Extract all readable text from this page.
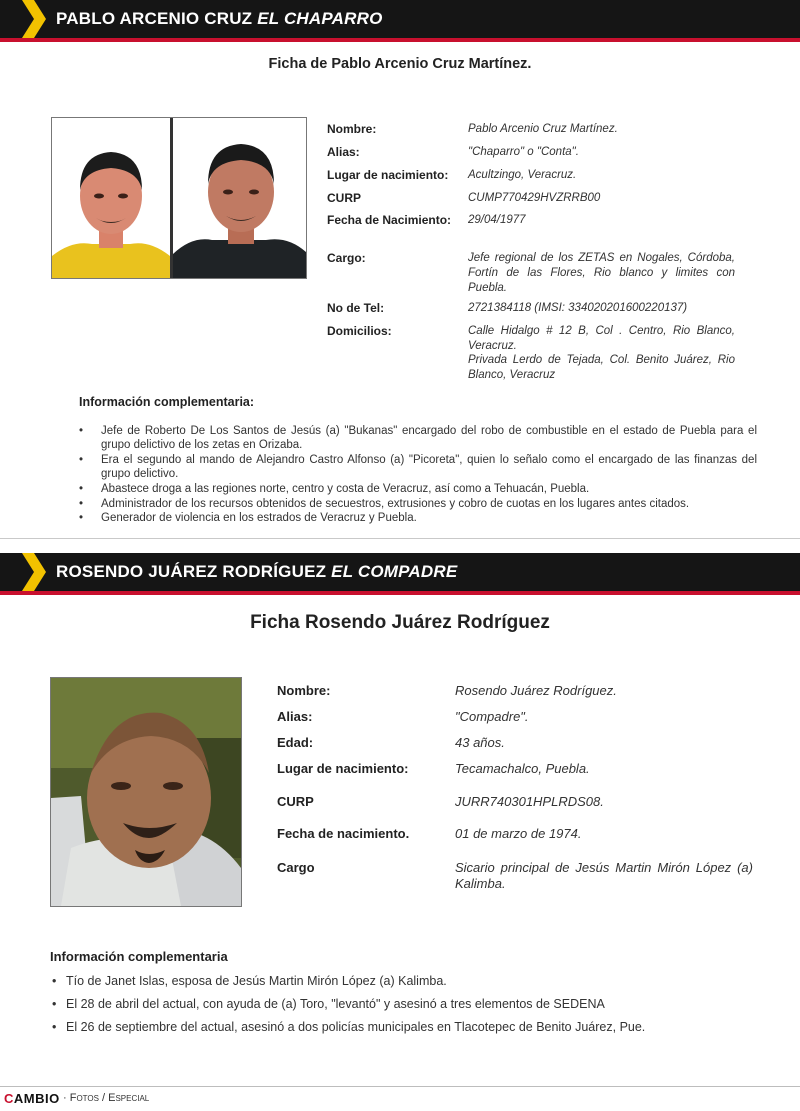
PABLO ARCENIO CRUZ EL CHAPARRO
Ficha de Pablo Arcenio Cruz Martínez.
Nombre:	Pablo Arcenio Cruz Martínez.
Alias:	"Chaparro" o "Conta".
Lugar de nacimiento: Acultzingo, Veracruz.
CURP	CUMP770429HVZRRB00
Fecha de Nacimiento: 29/04/1977
Cargo:	Jefe regional de los ZETAS en Nogales, Córdoba, Fortín de las Flores, Rio blanco y limites con Puebla.
No de Tel:	2721384118 (IMSI: 334020201600220137)
Domicilios:	Calle Hidalgo # 12 B, Col . Centro, Rio Blanco, Veracruz.
Privada Lerdo de Tejada, Col. Benito Juárez, Rio Blanco, Veracruz
Información complementaria:
• Jefe de Roberto De Los Santos de Jesús (a) "Bukanas" encargado del robo de combustible en el estado de Puebla para el grupo delictivo de los zetas en Orizaba.
• Era el segundo al mando de Alejandro Castro Alfonso (a) "Picoreta", quien lo señalo como el encargado de las finanzas del grupo delictivo.
• Abastece droga a las regiones norte, centro y costa de Veracruz, así como a Tehuacán, Puebla.
• Administrador de los recursos obtenidos de secuestros, extrusiones y cobro de cuotas en los lugares antes citados.
• Generador de violencia en los estrados de Veracruz y Puebla.
ROSENDO JUÁREZ RODRÍGUEZ EL COMPADRE
Ficha Rosendo Juárez Rodríguez
Nombre:	Rosendo Juárez Rodríguez.
Alias:	"Compadre".
Edad:	43 años.
Lugar de nacimiento:	Tecamachalco, Puebla.
CURP	JURR740301HPLRDS08.
Fecha de nacimiento.	01 de marzo de 1974.
Cargo	Sicario principal de Jesús Martin Mirón López (a) Kalimba.
Información complementaria
• Tío de Janet Islas, esposa de Jesús Martin Mirón López (a) Kalimba.
• El 28 de abril del actual, con ayuda de (a) Toro, "levantó" y asesinó a tres elementos de SEDENA
• El 26 de septiembre del actual, asesinó a dos policías municipales en Tlacotepec de Benito Juárez, Pue.
CAMBIO · Fotos / Especial
